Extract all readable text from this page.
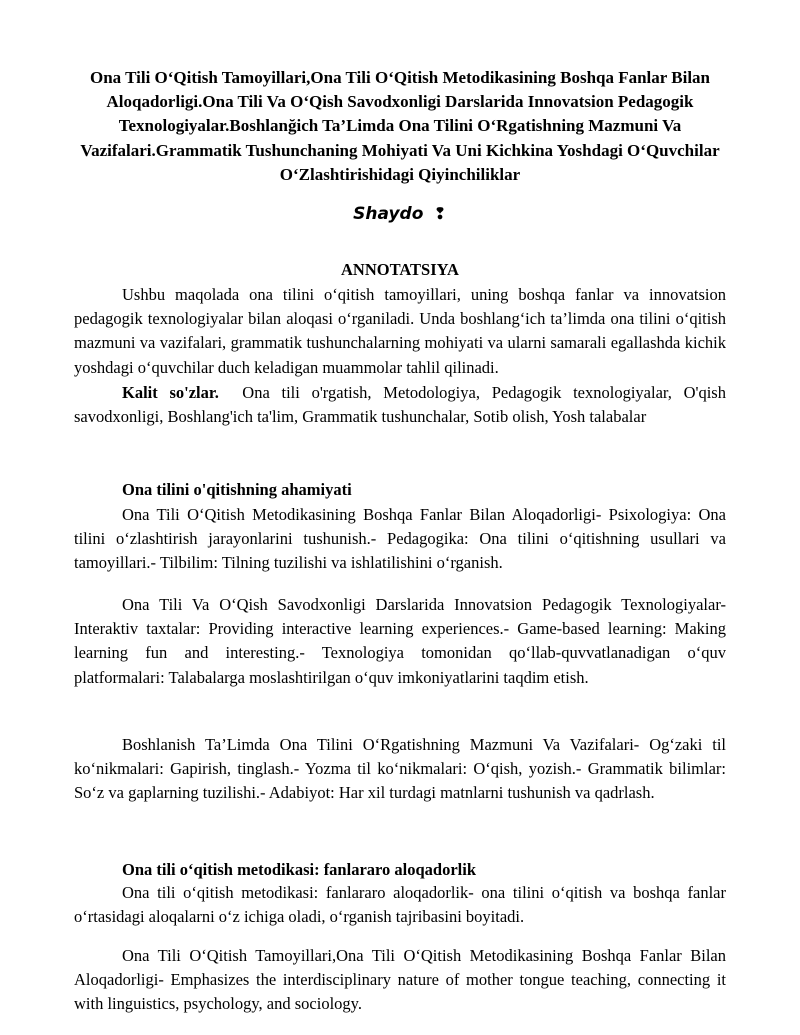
Ona Tili O‘Qitish Tamoyillari,Ona Tili O‘Qitish Metodikasining Boshqa Fanlar Bilan Aloqadorligi.Ona Tili Va O‘Qish Savodxonligi Darslarida Innovatsion Pedagogik Texnologiyalar.Boshlanğich Ta’Limda Ona Tilini O‘Rgatishning Mazmuni Va Vazifalari.Grammatik Tushunchaning Mohiyati Va Uni Kichkina Yoshdagi O‘Quvchilar O‘Zlashtirishidagi Qiyinchiliklar
Shaydo ❢
ANNOTATSIYA
Ushbu maqolada ona tilini o‘qitish tamoyillari, uning boshqa fanlar va innovatsion pedagogik texnologiyalar bilan aloqasi o‘rganiladi. Unda boshlang‘ich ta’limda ona tilini o‘qitish mazmuni va vazifalari, grammatik tushunchalarning mohiyati va ularni samarali egallashda kichik yoshdagi o‘quvchilar duch keladigan muammolar tahlil qilinadi.
Kalit so'zlar. Ona tili o'rgatish, Metodologiya, Pedagogik texnologiyalar, O'qish savodxonligi, Boshlang'ich ta'lim, Grammatik tushunchalar, Sotib olish, Yosh talabalar
Ona tilini o'qitishning ahamiyati
Ona Tili O‘Qitish Metodikasining Boshqa Fanlar Bilan Aloqadorligi- Psixologiya: Ona tilini o‘zlashtirish jarayonlarini tushunish.- Pedagogika: Ona tilini o‘qitishning usullari va tamoyillari.- Tilbilim: Tilning tuzilishi va ishlatilishini o‘rganish.
Ona Tili Va O‘Qish Savodxonligi Darslarida Innovatsion Pedagogik Texnologiyalar- Interaktiv taxtalar: Providing interactive learning experiences.- Game-based learning: Making learning fun and interesting.- Texnologiya tomonidan qo‘llab-quvvatlanadigan o‘quv platformalari: Talabalarga moslashtirilgan o‘quv imkoniyatlarini taqdim etish.
Boshlanish Ta’Limda Ona Tilini O‘Rgatishning Mazmuni Va Vazifalari- Og‘zaki til ko‘nikmalari: Gapirish, tinglash.- Yozma til ko‘nikmalari: O‘qish, yozish.- Grammatik bilimlar: So‘z va gaplarning tuzilishi.- Adabiyot: Har xil turdagi matnlarni tushunish va qadrlash.
Ona tili o‘qitish metodikasi: fanlararo aloqadorlik
Ona tili o‘qitish metodikasi: fanlararo aloqadorlik- ona tilini o‘qitish va boshqa fanlar o‘rtasidagi aloqalarni o‘z ichiga oladi, o‘rganish tajribasini boyitadi.
Ona Tili O‘Qitish Tamoyillari,Ona Tili O‘Qitish Metodikasining Boshqa Fanlar Bilan Aloqadorligi- Emphasizes the interdisciplinary nature of mother tongue teaching, connecting it with linguistics, psychology, and sociology.
